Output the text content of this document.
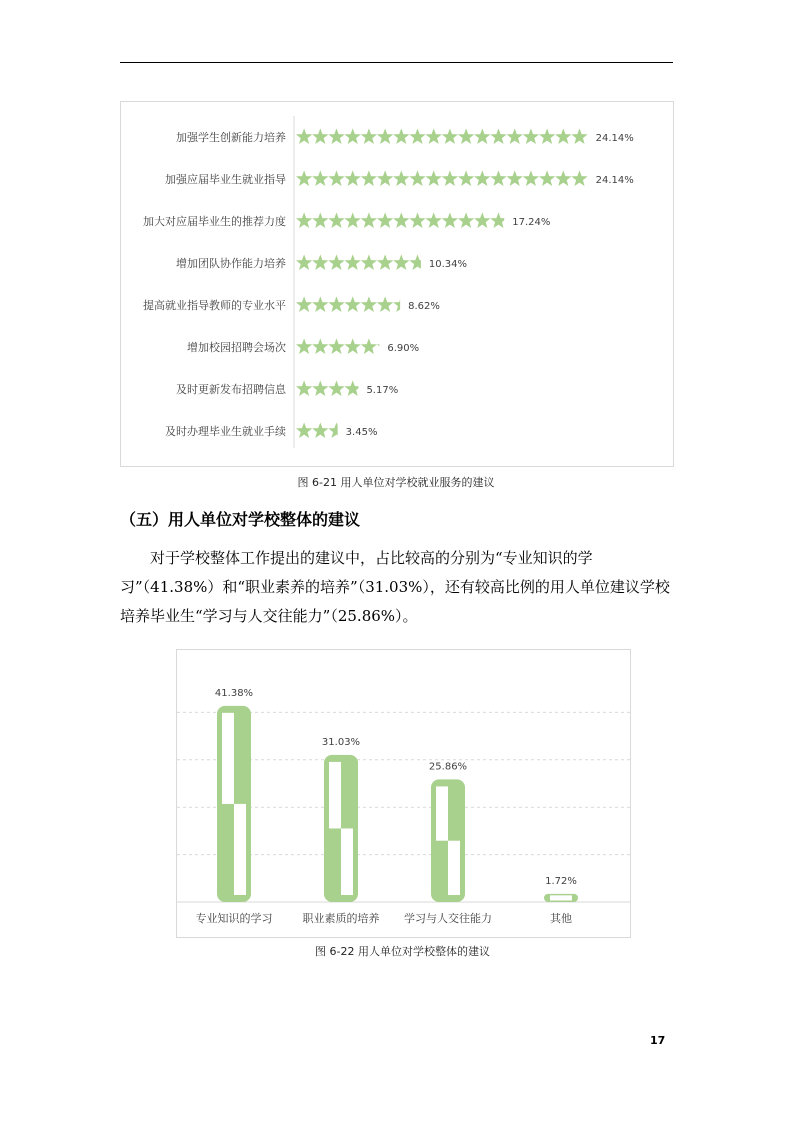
加强学生创新能力培养	24.14%
加强应届毕业生就业指导	24.14%
加大对应届毕业生的推荐力度	17.24%
增加团队协作能力培养	10.34%
提高就业指导教师的专业水平	8.62%
增加校园招聘会场次	6.90%
及时更新发布招聘信息	5.17%
及时办理毕业生就业手续	3.45%
图 6-21 用人单位对学校就业服务的建议
（五）用人单位对学校整体的建议

对于学校整体工作提出的建议中，占比较高的分别为“专业知识的学习”（41.38%）和“职业素养的培养”（31.03%），还有较高比例的用人单位建议学校培养毕业生“学习与人交往能力”（25.86%）。

41.38%
专业知识的学习
31.03%
职业素质的培养
25.86%
学习与人交往能力
1.72%
其他
图 6-22 用人单位对学校整体的建议
17
